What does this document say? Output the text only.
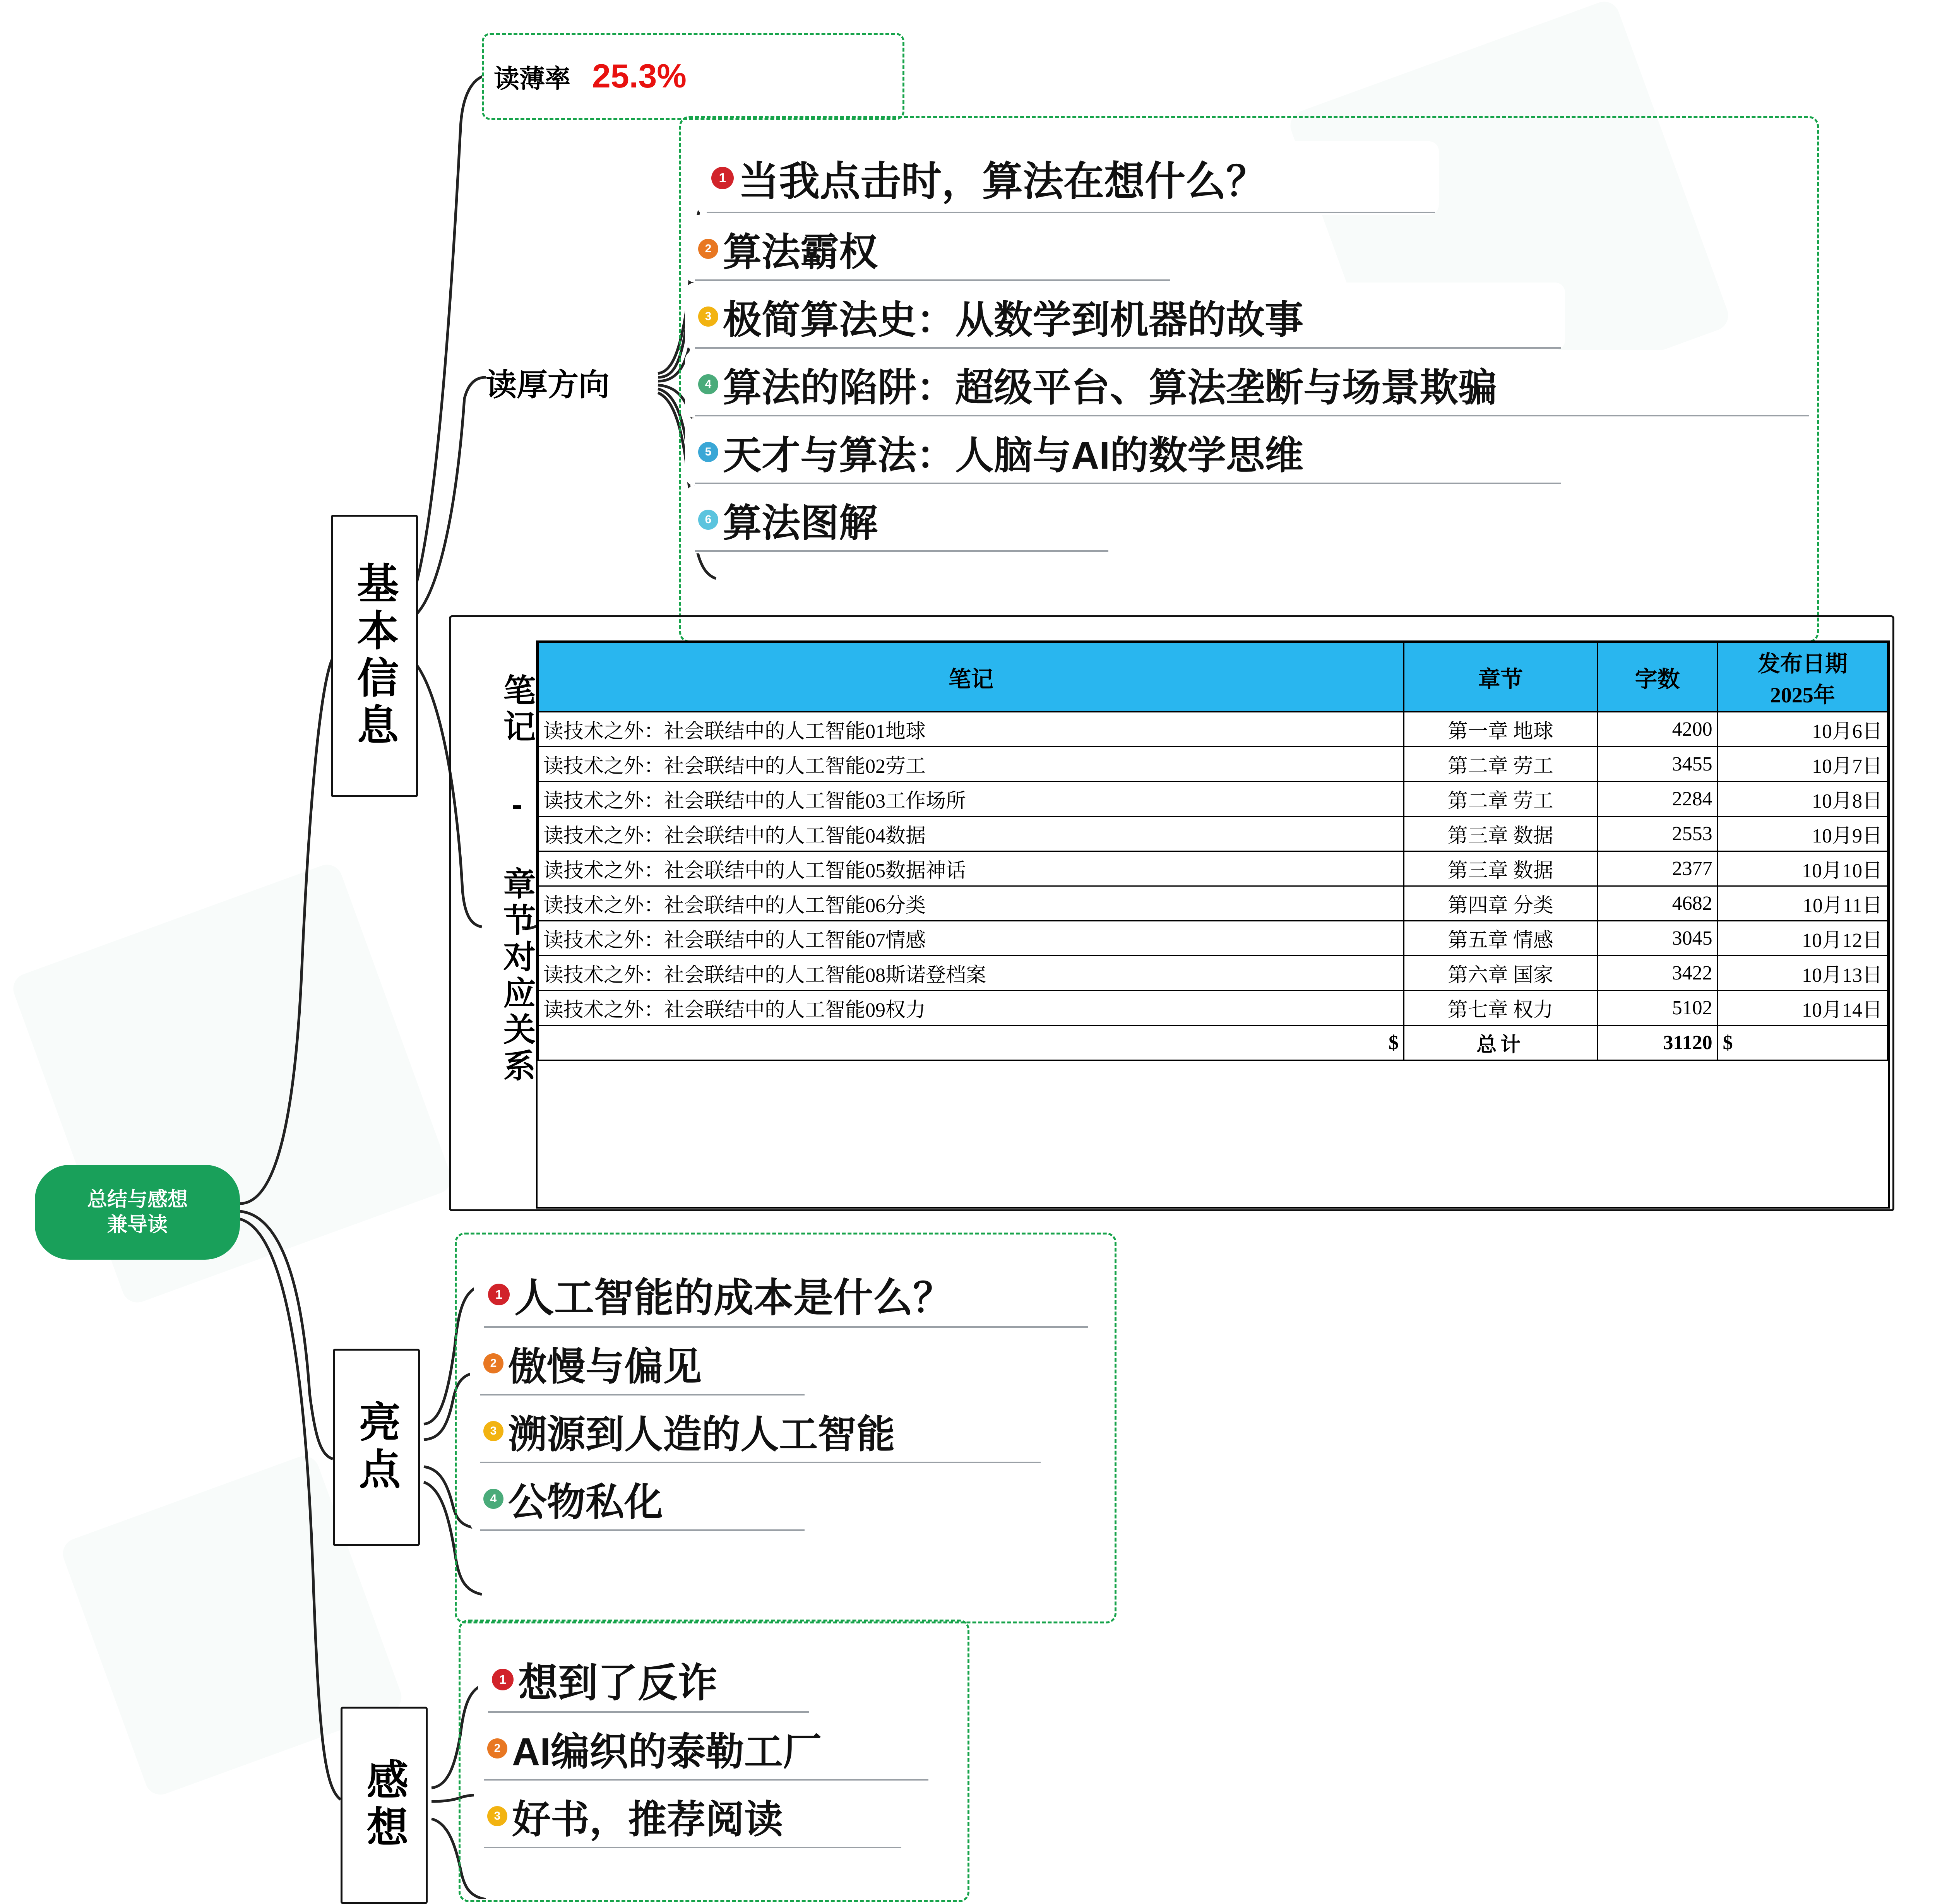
总结与感想
兼导读
基本信息
亮点
感想
读薄率 25.3%
读厚方向
笔记 - 章节对应关系
1 当我点击时，算法在想什么？
2 算法霸权
3 极简算法史：从数学到机器的故事
4 算法的陷阱：超级平台、算法垄断与场景欺骗
5 天才与算法：人脑与AI的数学思维
6 算法图解
笔记	章节	字数	发布日期
2025年

读技术之外：社会联结中的人工智能01地球	第一章 地球	4200	10月6日
读技术之外：社会联结中的人工智能02劳工	第二章 劳工	3455	10月7日
读技术之外：社会联结中的人工智能03工作场所	第二章 劳工	2284	10月8日
读技术之外：社会联结中的人工智能04数据	第三章 数据	2553	10月9日
读技术之外：社会联结中的人工智能05数据神话	第三章 数据	2377	10月10日
读技术之外：社会联结中的人工智能06分类	第四章 分类	4682	10月11日
读技术之外：社会联结中的人工智能07情感	第五章 情感	3045	10月12日
读技术之外：社会联结中的人工智能08斯诺登档案	第六章 国家	3422	10月13日
读技术之外：社会联结中的人工智能09权力	第七章 权力	5102	10月14日
$	总计	31120	$
1 人工智能的成本是什么？
2 傲慢与偏见
3 溯源到人造的人工智能
4 公物私化
1 想到了反诈
2 AI编织的泰勒工厂
3 好书，推荐阅读
